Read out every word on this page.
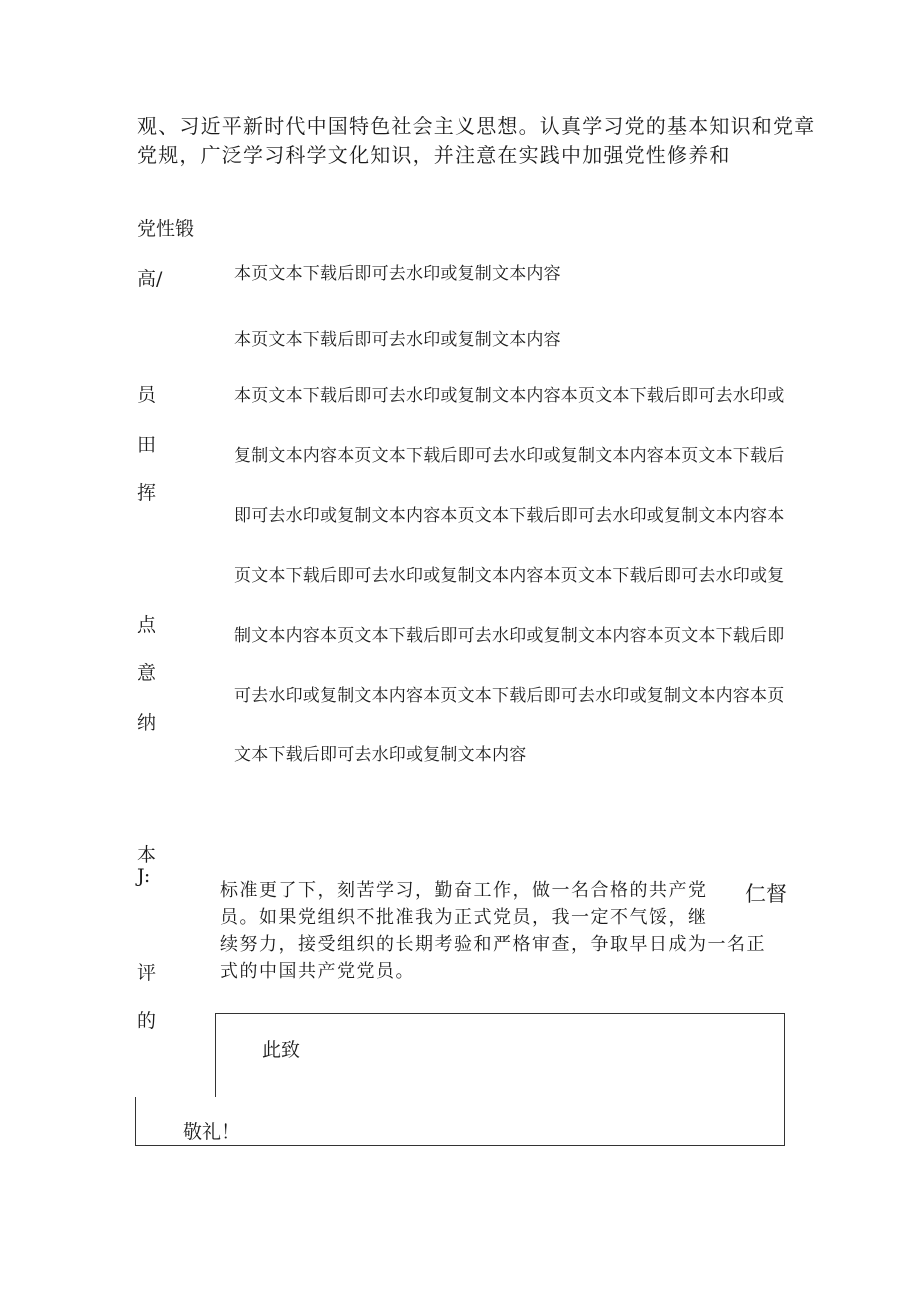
观、习近平新时代中国特色社会主义思想。认真学习党的基本知识和党章
党规，广泛学习科学文化知识，并注意在实践中加强党性修养和
党性锻
高/
员
田
挥
点
意
纳
本
J:
评
的
本页文本下载后即可去水印或复制文本内容
本页文本下载后即可去水印或复制文本内容
本页文本下载后即可去水印或复制文本内容本页文本下载后即可去水印或
复制文本内容本页文本下载后即可去水印或复制文本内容本页文本下载后
即可去水印或复制文本内容本页文本下载后即可去水印或复制文本内容本
页文本下载后即可去水印或复制文本内容本页文本下载后即可去水印或复
制文本内容本页文本下载后即可去水印或复制文本内容本页文本下载后即
可去水印或复制文本内容本页文本下载后即可去水印或复制文本内容本页
文本下载后即可去水印或复制文本内容
标准更了下，刻苦学习，勤奋工作，做一名合格的共产党
员。如果党组织不批准我为正式党员，我一定不气馁，继
续努力，接受组织的长期考验和严格审查，争取早日成为一名正
式的中国共产党党员。
仁督
此致
敬礼！
